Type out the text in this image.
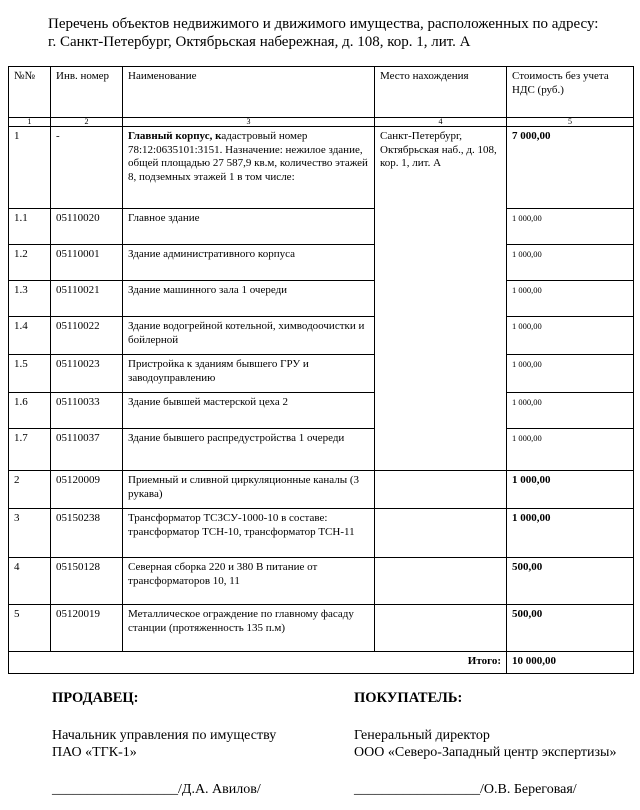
Перечень объектов недвижимого и движимого имущества, расположенных по адресу:
г. Санкт-Петербург, Октябрьская набережная, д. 108, кор. 1, лит. А
№№	Инв. номер	Наименование	Место нахождения	Стоимость без учета НДС (руб.)
1	2	3	4	5
1	-	Главный корпус, кадастровый номер 78:12:0635101:3151. Назначение: нежилое здание, общей площадью 27 587,9 кв.м, количество этажей 8, подземных этажей 1 в том числе:	Санкт-Петербург, Октябрьская наб., д. 108, кор. 1, лит. А	7 000,00
1.1	05110020	Главное здание		1 000,00
1.2	05110001	Здание административного корпуса		1 000,00
1.3	05110021	Здание машинного зала 1 очереди		1 000,00
1.4	05110022	Здание водогрейной котельной, химводоочистки и бойлерной		1 000,00
1.5	05110023	Пристройка к зданиям бывшего ГРУ и заводоуправлению		1 000,00
1.6	05110033	Здание бывшей мастерской цеха 2		1 000,00
1.7	05110037	Здание бывшего распредустройства 1 очереди		1 000,00
2	05120009	Приемный и сливной циркуляционные каналы (3 рукава)		1 000,00
3	05150238	Трансформатор ТСЗСУ-1000-10 в составе: трансформатор ТСН-10, трансформатор ТСН-11		1 000,00
4	05150128	Северная сборка 220 и 380 В питание от трансформаторов 10, 11		500,00
5	05120019	Металлическое ограждение по главному фасаду станции (протяженность 135 п.м)		500,00
Итого:				10 000,00
ПРОДАВЕЦ:
Начальник управления по имуществу
ПАО «ТГК-1»
__________________/Д.А. Авилов/
ПОКУПАТЕЛЬ:
Генеральный директор
ООО «Северо-Западный центр экспертизы»
__________________/О.В. Береговая/
